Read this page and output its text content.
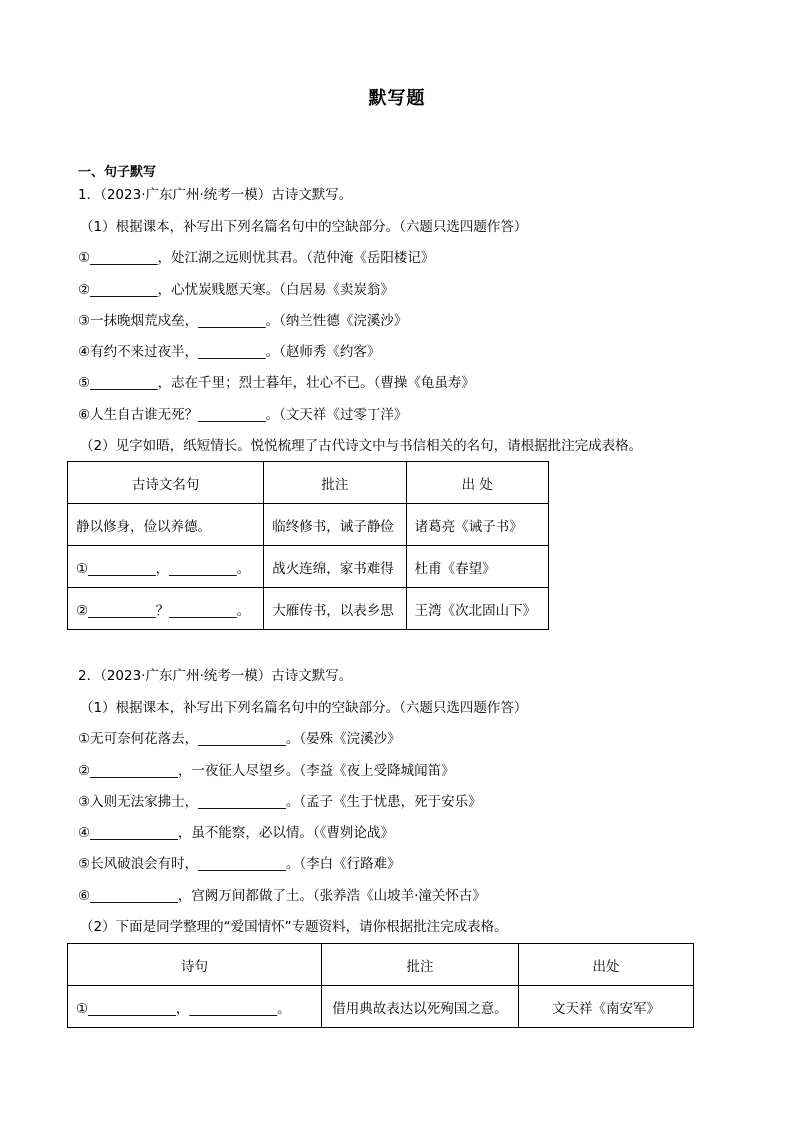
默写题
一、句子默写
1．（2023·广东广州·统考一模）古诗文默写。
（1）根据课本，补写出下列名篇名句中的空缺部分。（六题只选四题作答）
①__________，处江湖之远则忧其君。（范仲淹《岳阳楼记》
②__________，心忧炭贱愿天寒。（白居易《卖炭翁》
③一抹晚烟荒戍垒，__________。（纳兰性德《浣溪沙》
④有约不来过夜半，__________。（赵师秀《约客》
⑤__________，志在千里；烈士暮年，壮心不已。（曹操《龟虽寿》
⑥人生自古谁无死？__________。（文天祥《过零丁洋》
（2）见字如晤，纸短情长。悦悦梳理了古代诗文中与书信相关的名句，请根据批注完成表格。
古诗文名句	批注	出 处
静以修身，俭以养德。	临终修书，诫子静俭	诸葛亮《诫子书》
①__________，__________。	战火连绵，家书难得	杜甫《春望》
②__________？__________。	大雁传书，以表乡思	王湾《次北固山下》
2．（2023·广东广州·统考一模）古诗文默写。
（1）根据课本，补写出下列名篇名句中的空缺部分。（六题只选四题作答）
①无可奈何花落去，_____________。（晏殊《浣溪沙》
②_____________，一夜征人尽望乡。（李益《夜上受降城闻笛》
③入则无法家拂士，_____________。（孟子《生于忧患，死于安乐》
④_____________，虽不能察，必以情。（《曹刿论战》
⑤长风破浪会有时，_____________。（李白《行路难》
⑥_____________，宫阙万间都做了土。（张养浩《山坡羊·潼关怀古》
（2）下面是同学整理的“爱国情怀”专题资料，请你根据批注完成表格。
诗句	批注	出处
①_____________，_____________。	借用典故表达以死殉国之意。	文天祥《南安军》
